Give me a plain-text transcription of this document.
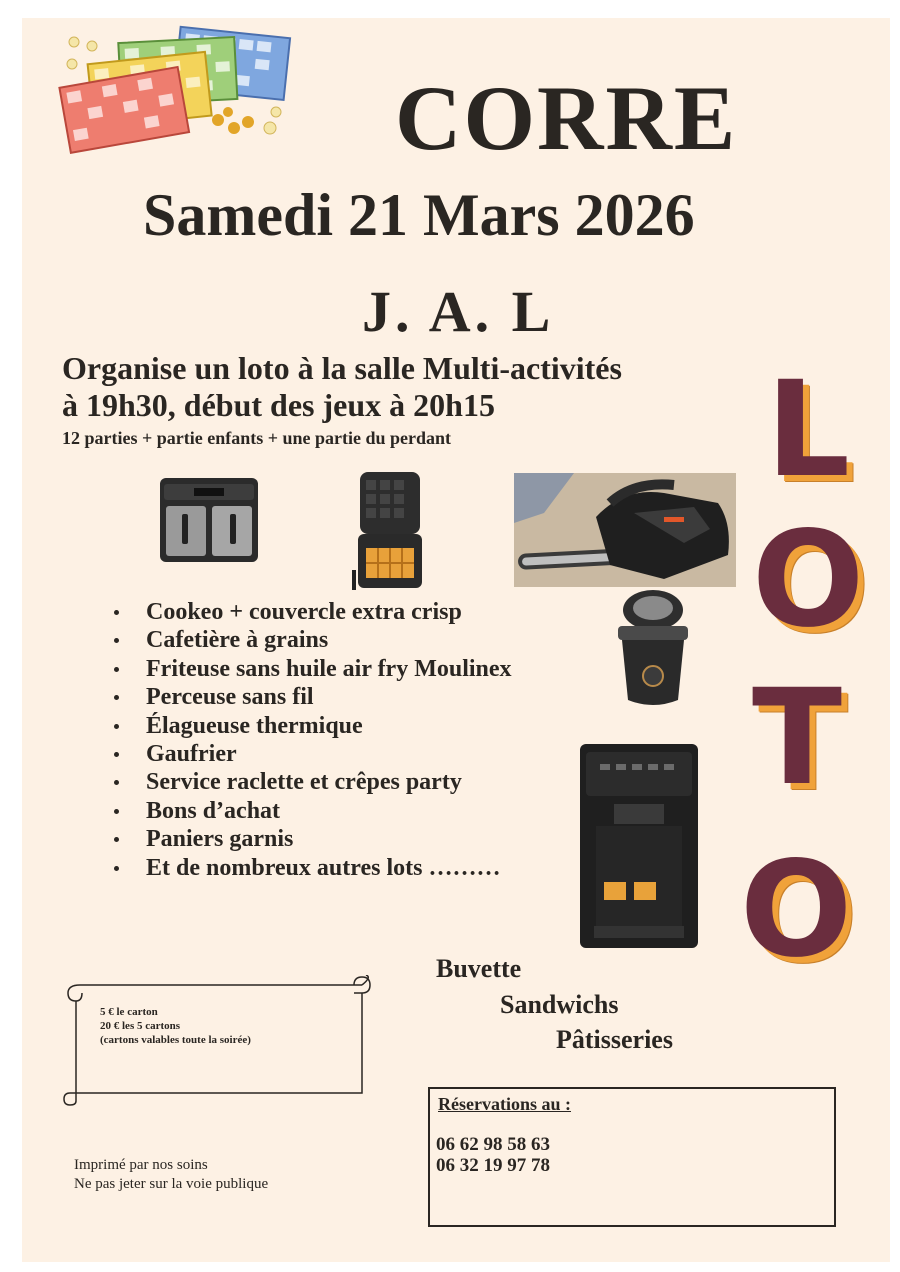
CORRE
Samedi 21 Mars 2026
J. A. L
Organise un loto à la salle Multi-activités
à 19h30, début des jeux à 20h15
12 parties + partie enfants + une partie du perdant L
O
T
O
Cookeo + couvercle extra crisp
Cafetière à grains
Friteuse sans huile air fry Moulinex
Perceuse sans fil
Élagueuse thermique
Gaufrier
Service raclette et crêpes party
Bons d’achat
Paniers garnis
Et de nombreux autres lots ………
Buvette
Sandwichs
Pâtisseries
5 € le carton
20 € les 5 cartons
(cartons valables toute la soirée)
Réservations au :
06 62 98 58 63
06 32 19 97 78
Imprimé par nos soins
Ne pas jeter sur la voie publique
